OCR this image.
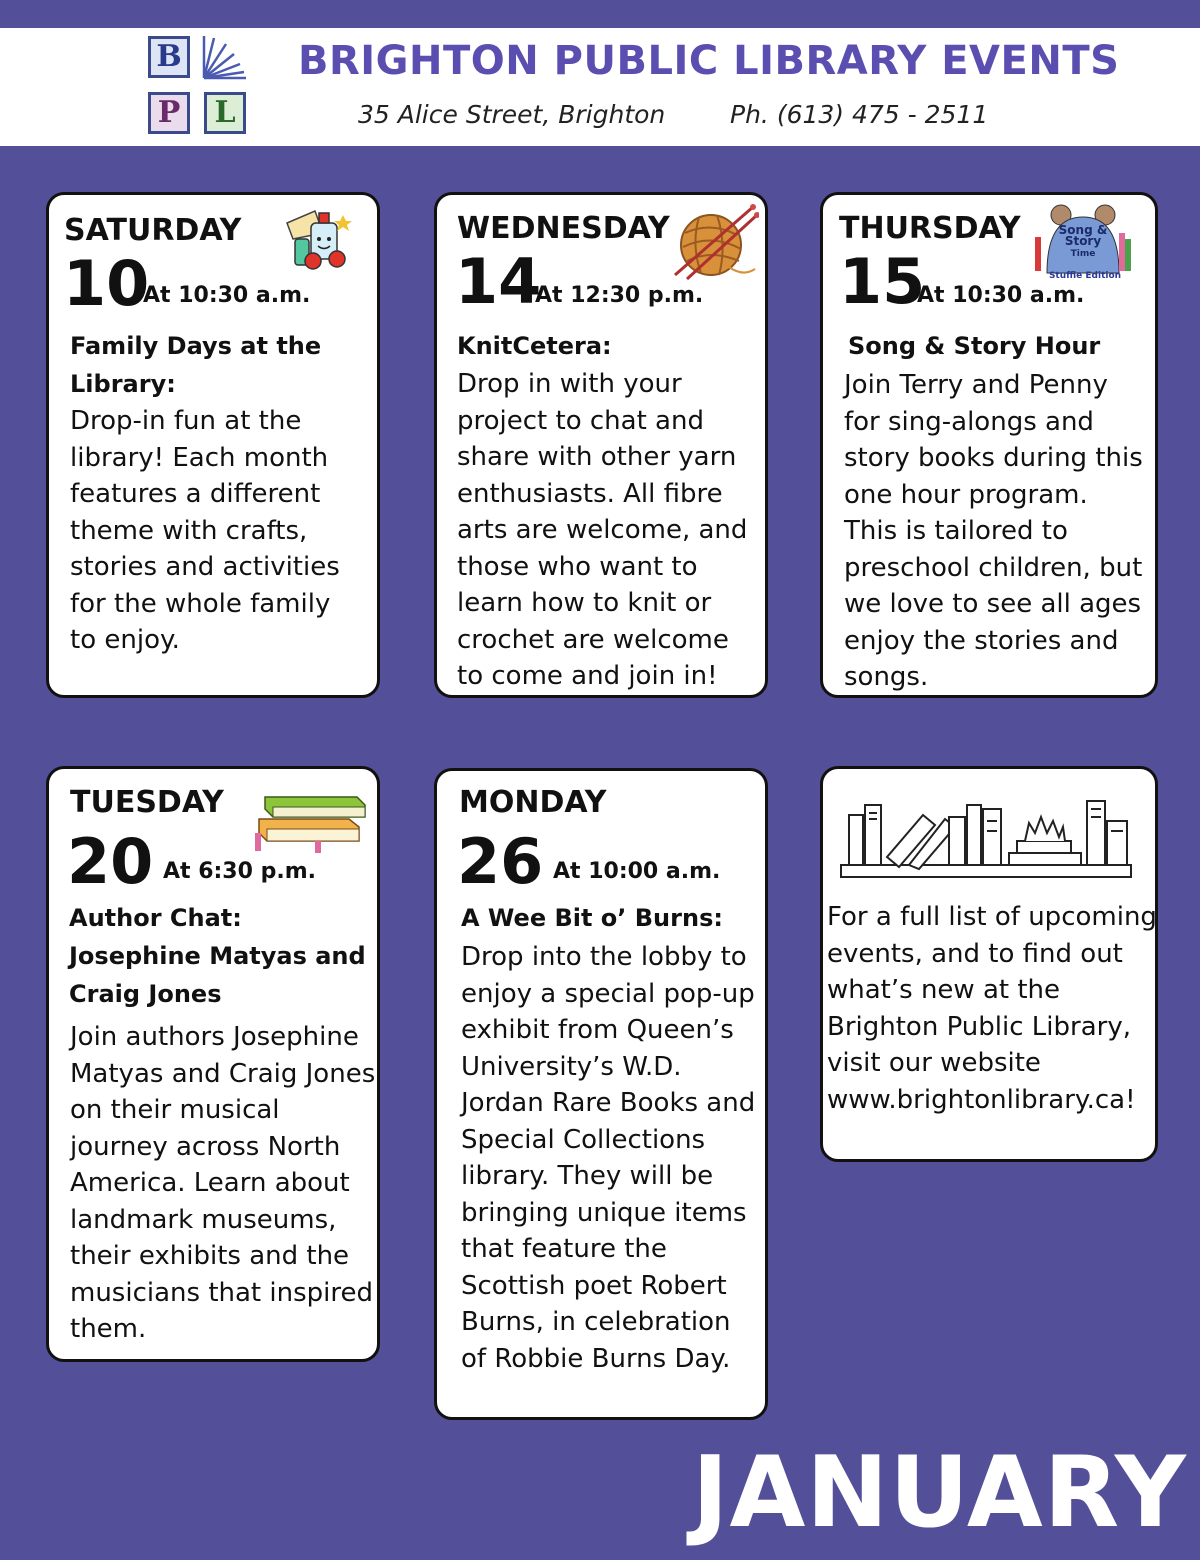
B
P	L
BRIGHTON PUBLIC LIBRARY EVENTS
35 Alice Street, Brighton	Ph. (613) 475 - 2511
SATURDAY
10
At 10:30 a.m.
Family Days at the Library:
Drop-in fun at the library! Each month features a different theme with crafts, stories and activities for the whole family to enjoy.
WEDNESDAY
14
At 12:30 p.m.
KnitCetera:
Drop in with your project to chat and share with other yarn enthusiasts. All fibre arts are welcome, and those who want to learn how to knit or crochet are welcome to come and join in!
THURSDAY
15
At 10:30 a.m.
Song &
Story
Time
Stuffie Edition
Song & Story Hour
Join Terry and Penny for sing-alongs and story books during this one hour program. This is tailored to preschool children, but we love to see all ages enjoy the stories and songs.
TUESDAY
20 At 6:30 p.m.
Author Chat: Josephine Matyas and Craig Jones
Join authors Josephine Matyas and Craig Jones on their musical journey across North America. Learn about landmark museums, their exhibits and the musicians that inspired them.
MONDAY
26 At 10:00 a.m.
A Wee Bit o’ Burns:
Drop into the lobby to enjoy a special pop-up exhibit from Queen’s University’s W.D. Jordan Rare Books and Special Collections library. They will be bringing unique items that feature the Scottish poet Robert Burns, in celebration of Robbie Burns Day.
For a full list of upcoming events, and to find out what’s new at the Brighton Public Library, visit our website www.brightonlibrary.ca!
JANUARY
